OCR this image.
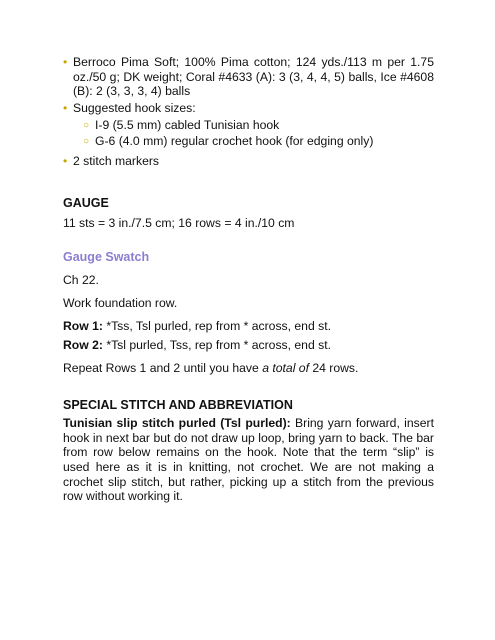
• Berroco Pima Soft; 100% Pima cotton; 124 yds./113 m per 1.75 oz./50 g; DK weight; Coral #4633 (A): 3 (3, 4, 4, 5) balls, Ice #4608 (B): 2 (3, 3, 3, 4) balls
• Suggested hook sizes:
○ I-9 (5.5 mm) cabled Tunisian hook
○ G-6 (4.0 mm) regular crochet hook (for edging only)
• 2 stitch markers
GAUGE

11 sts = 3 in./7.5 cm; 16 rows = 4 in./10 cm

Gauge Swatch

Ch 22.

Work foundation row.

Row 1: *Tss, Tsl purled, rep from * across, end st.

Row 2: *Tsl purled, Tss, rep from * across, end st.

Repeat Rows 1 and 2 until you have a total of 24 rows.

SPECIAL STITCH AND ABBREVIATION

Tunisian slip stitch purled (Tsl purled): Bring yarn forward, insert hook in next bar but do not draw up loop, bring yarn to back. The bar from row below remains on the hook. Note that the term “slip” is used here as it is in knitting, not crochet. We are not making a crochet slip stitch, but rather, picking up a stitch from the previous row without working it.
